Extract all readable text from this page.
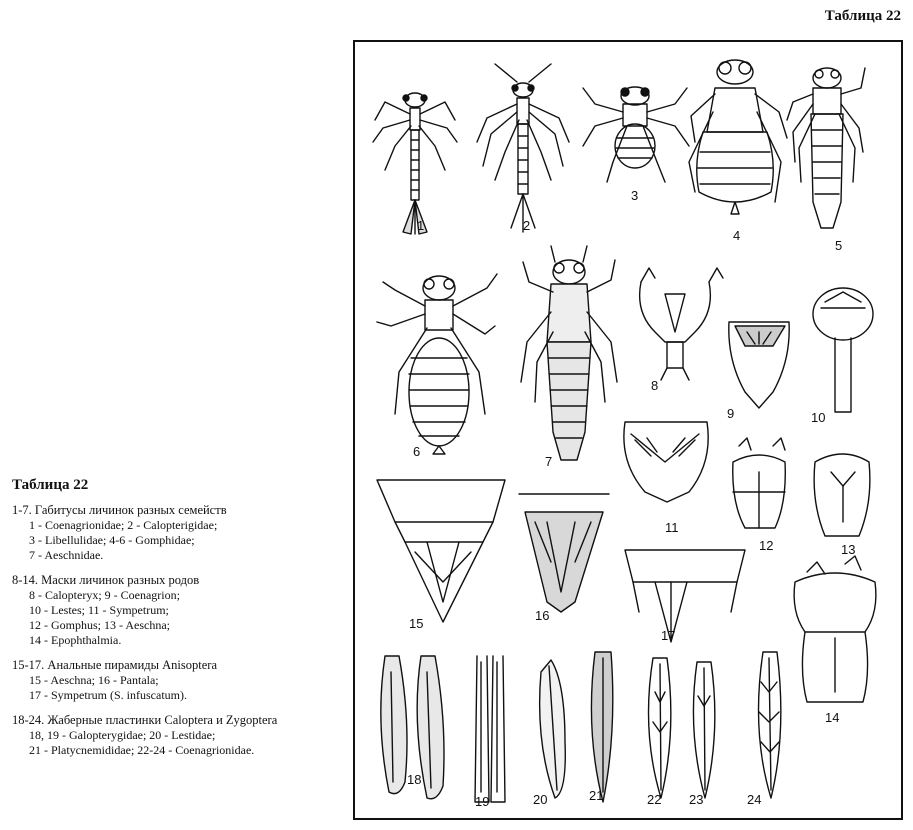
Таблица 22
Таблица 22
1-7. Габитусы личинок разных семейств
1 - Coenagrionidae; 2 - Calopterigidae;
3 - Libellulidae; 4-6 - Gomphidae;
7 - Aeschnidae.
8-14. Маски личинок разных родов
8 - Calopteryx; 9 - Coenagrion;
10 - Lestes; 11 - Sympetrum;
12 - Gomphus; 13 - Aeschna;
14 - Epophthalmia.
15-17. Анальные пирамиды Anisoptera
15 - Aeschna; 16 - Pantala;
17 - Sympetrum (S. infuscatum).
18-24. Жаберные пластинки Caloptera и Zygoptera
18, 19 - Galopterygidae; 20 - Lestidae;
21 - Platycnemididae; 22-24 - Coenagrionidae.
1	2
3
4
5
6
7
8
9	10
11
12	13
14
15
16
17
18
19	20	21	22 23	24
